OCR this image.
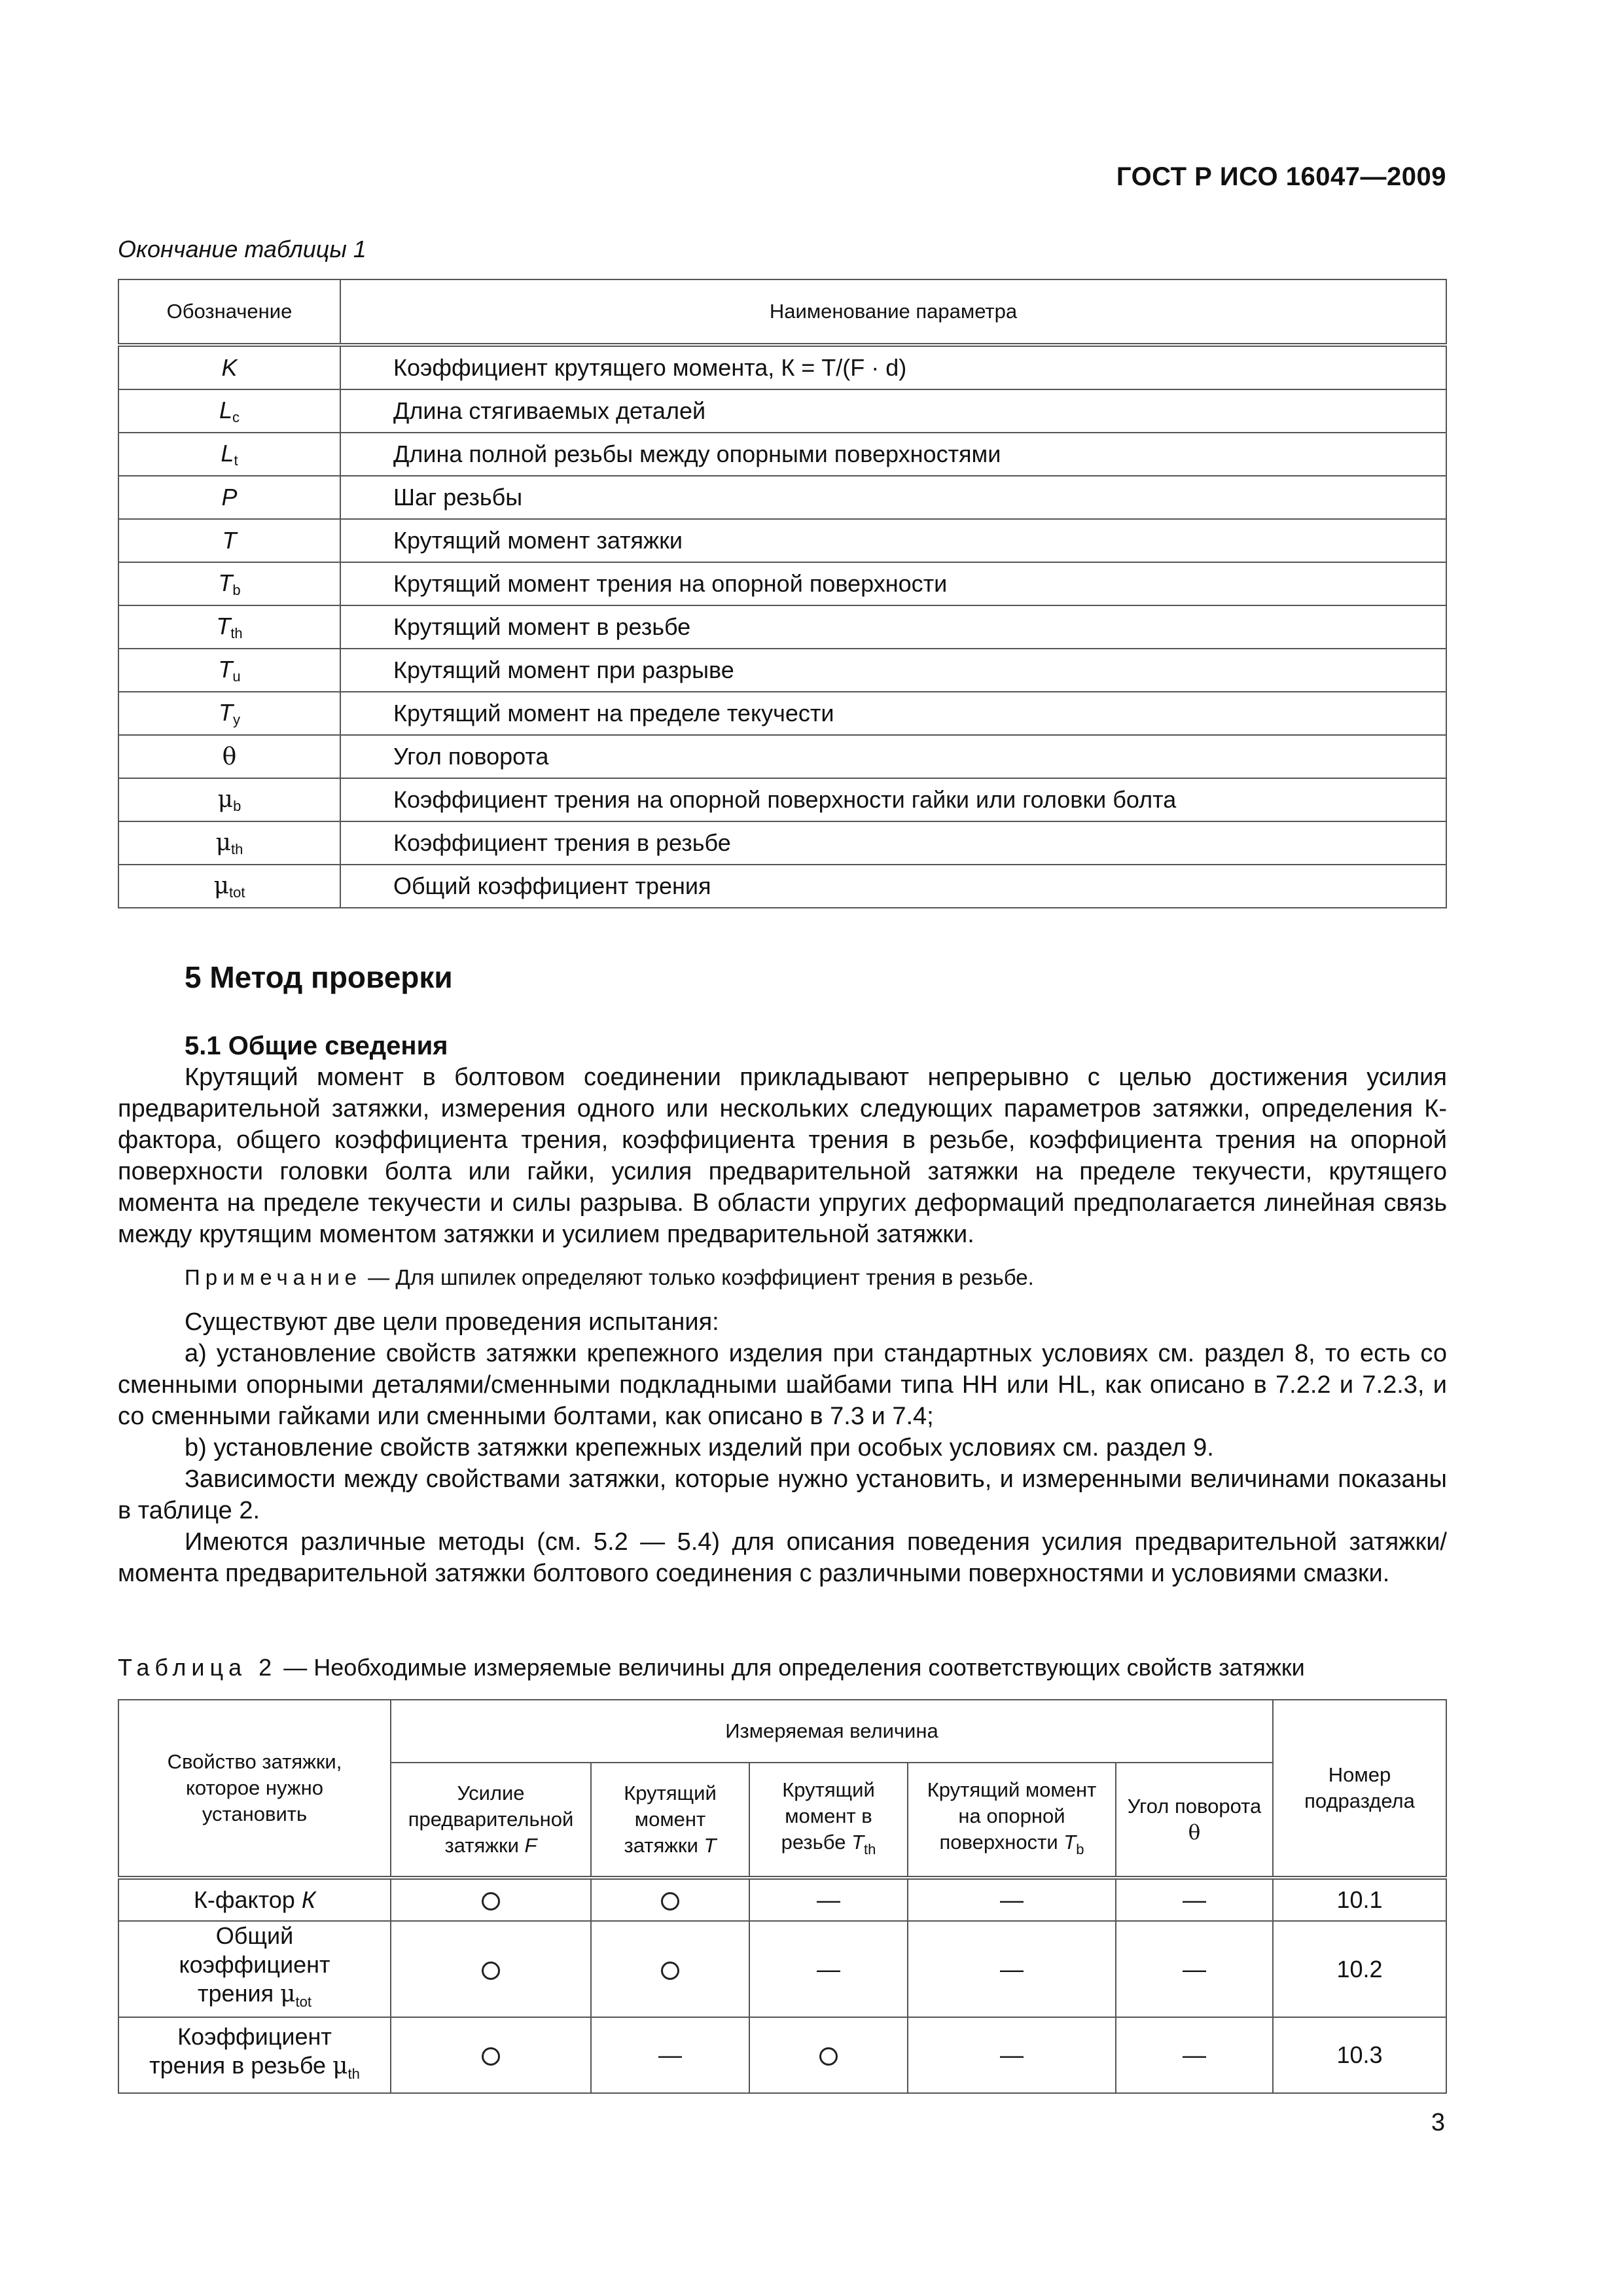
ГОСТ Р ИСО 16047—2009
Окончание таблицы 1
Обозначение	Наименование параметра
K	Коэффициент крутящего момента, К = T/(F · d)
$L_c$	Длина стягиваемых деталей
$L_t$	Длина полной резьбы между опорными поверхностями
P	Шаг резьбы
T	Крутящий момент затяжки
$T_b$	Крутящий момент трения на опорной поверхности
$T_{th}$	Крутящий момент в резьбе
$T_u$	Крутящий момент при разрыве
$T_y$	Крутящий момент на пределе текучести
θ	Угол поворота
$\mu_b$	Коэффициент трения на опорной поверхности гайки или головки болта
$\mu_{th}$	Коэффициент трения в резьбе
$\mu_{tot}$	Общий коэффициент трения
5 Метод проверки
5.1 Общие сведения

Крутящий момент в болтовом соединении прикладывают непрерывно с целью достижения усилия предварительной затяжки, измерения одного или нескольких следующих параметров затяжки, определения К-фактора, общего коэффициента трения, коэффициента трения в резьбе, коэффициента трения на опорной поверхности головки болта или гайки, усилия предварительной затяжки на пределе текучести, крутящего момента на пределе текучести и силы разрыва. В области упругих деформаций предполагается линейная связь между крутящим моментом затяжки и усилием предварительной затяжки.

Примечание — Для шпилек определяют только коэффициент трения в резьбе.

Существуют две цели проведения испытания:

a) установление свойств затяжки крепежного изделия при стандартных условиях см. раздел 8, то есть со сменными опорными деталями/сменными подкладными шайбами типа HH или HL, как описано в 7.2.2 и 7.2.3, и со сменными гайками или сменными болтами, как описано в 7.3 и 7.4;

b) установление свойств затяжки крепежных изделий при особых условиях см. раздел 9.

Зависимости между свойствами затяжки, которые нужно установить, и измеренными величинами показаны в таблице 2.

Имеются различные методы (см. 5.2 — 5.4) для описания поведения усилия предварительной затяжки/момента предварительной затяжки болтового соединения с различными поверхностями и условиями смазки.

Таблица 2 — Необходимые измеряемые величины для определения соответствующих свойств затяжки
Свойство затяжки, которое нужно установить	Измеряемая величина					Номер подраздела
	Усилие предварительной затяжки F	Крутящий момент затяжки T	Крутящий момент в резьбе $T_{th}$	Крутящий момент на опорной поверхности $T_b$	Угол поворота θ	
К-фактор К			—	—	—	10.1
Общий коэффициент трения $\mu_{tot}$			—	—	—	10.2
Коэффициент трения в резьбе $\mu_{th}$		—		—	—	10.3
3
